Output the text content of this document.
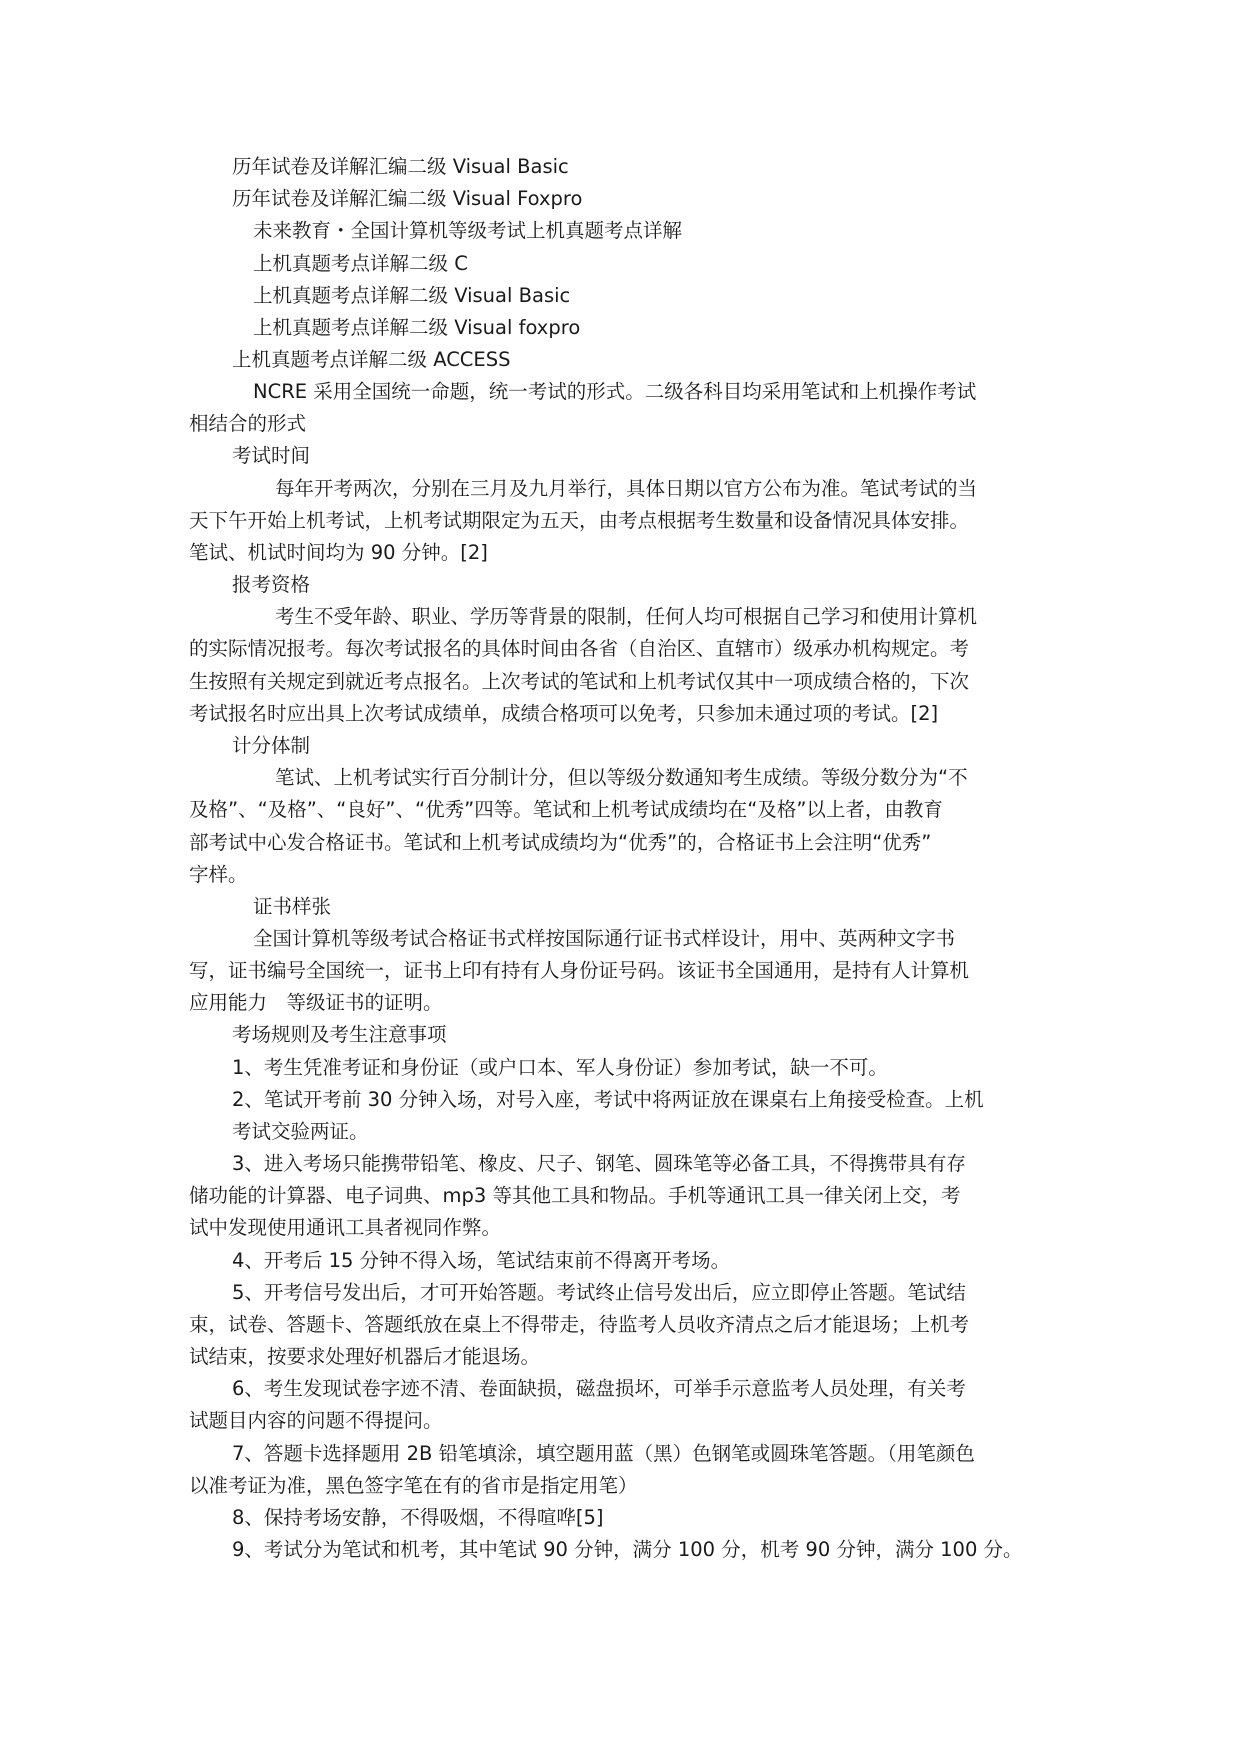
历年试卷及详解汇编二级 Visual Basic
历年试卷及详解汇编二级 Visual Foxpro
未来教育・全国计算机等级考试上机真题考点详解
上机真题考点详解二级 C
上机真题考点详解二级 Visual Basic
上机真题考点详解二级 Visual foxpro
上机真题考点详解二级 ACCESS
NCRE 采用全国统一命题，统一考试的形式。二级各科目均采用笔试和上机操作考试
相结合的形式
考试时间
每年开考两次，分别在三月及九月举行，具体日期以官方公布为准。笔试考试的当
天下午开始上机考试，上机考试期限定为五天，由考点根据考生数量和设备情况具体安排。
笔试、机试时间均为 90 分钟。[2]
报考资格
考生不受年龄、职业、学历等背景的限制，任何人均可根据自己学习和使用计算机
的实际情况报考。每次考试报名的具体时间由各省（自治区、直辖市）级承办机构规定。考
生按照有关规定到就近考点报名。上次考试的笔试和上机考试仅其中一项成绩合格的，下次
考试报名时应出具上次考试成绩单，成绩合格项可以免考，只参加未通过项的考试。[2]
计分体制
笔试、上机考试实行百分制计分，但以等级分数通知考生成绩。等级分数分为“不
及格”、“及格”、“良好”、“优秀”四等。笔试和上机考试成绩均在“及格”以上者，由教育
部考试中心发合格证书。笔试和上机考试成绩均为“优秀”的，合格证书上会注明“优秀”
字样。
证书样张
全国计算机等级考试合格证书式样按国际通行证书式样设计，用中、英两种文字书
写，证书编号全国统一，证书上印有持有人身份证号码。该证书全国通用，是持有人计算机
应用能力　等级证书的证明。
考场规则及考生注意事项
1、考生凭准考证和身份证（或户口本、军人身份证）参加考试，缺一不可。
2、笔试开考前 30 分钟入场，对号入座，考试中将两证放在课桌右上角接受检查。上机
考试交验两证。
3、进入考场只能携带铅笔、橡皮、尺子、钢笔、圆珠笔等必备工具，不得携带具有存
储功能的计算器、电子词典、mp3 等其他工具和物品。手机等通讯工具一律关闭上交，考
试中发现使用通讯工具者视同作弊。
4、开考后 15 分钟不得入场，笔试结束前不得离开考场。
5、开考信号发出后，才可开始答题。考试终止信号发出后，应立即停止答题。笔试结
束，试卷、答题卡、答题纸放在桌上不得带走，待监考人员收齐清点之后才能退场；上机考
试结束，按要求处理好机器后才能退场。
6、考生发现试卷字迹不清、卷面缺损，磁盘损坏，可举手示意监考人员处理，有关考
试题目内容的问题不得提问。
7、答题卡选择题用 2B 铅笔填涂，填空题用蓝（黑）色钢笔或圆珠笔答题。（用笔颜色
以准考证为准，黑色签字笔在有的省市是指定用笔）
8、保持考场安静，不得吸烟，不得喧哗[5]
9、考试分为笔试和机考，其中笔试 90 分钟，满分 100 分，机考 90 分钟，满分 100 分。
